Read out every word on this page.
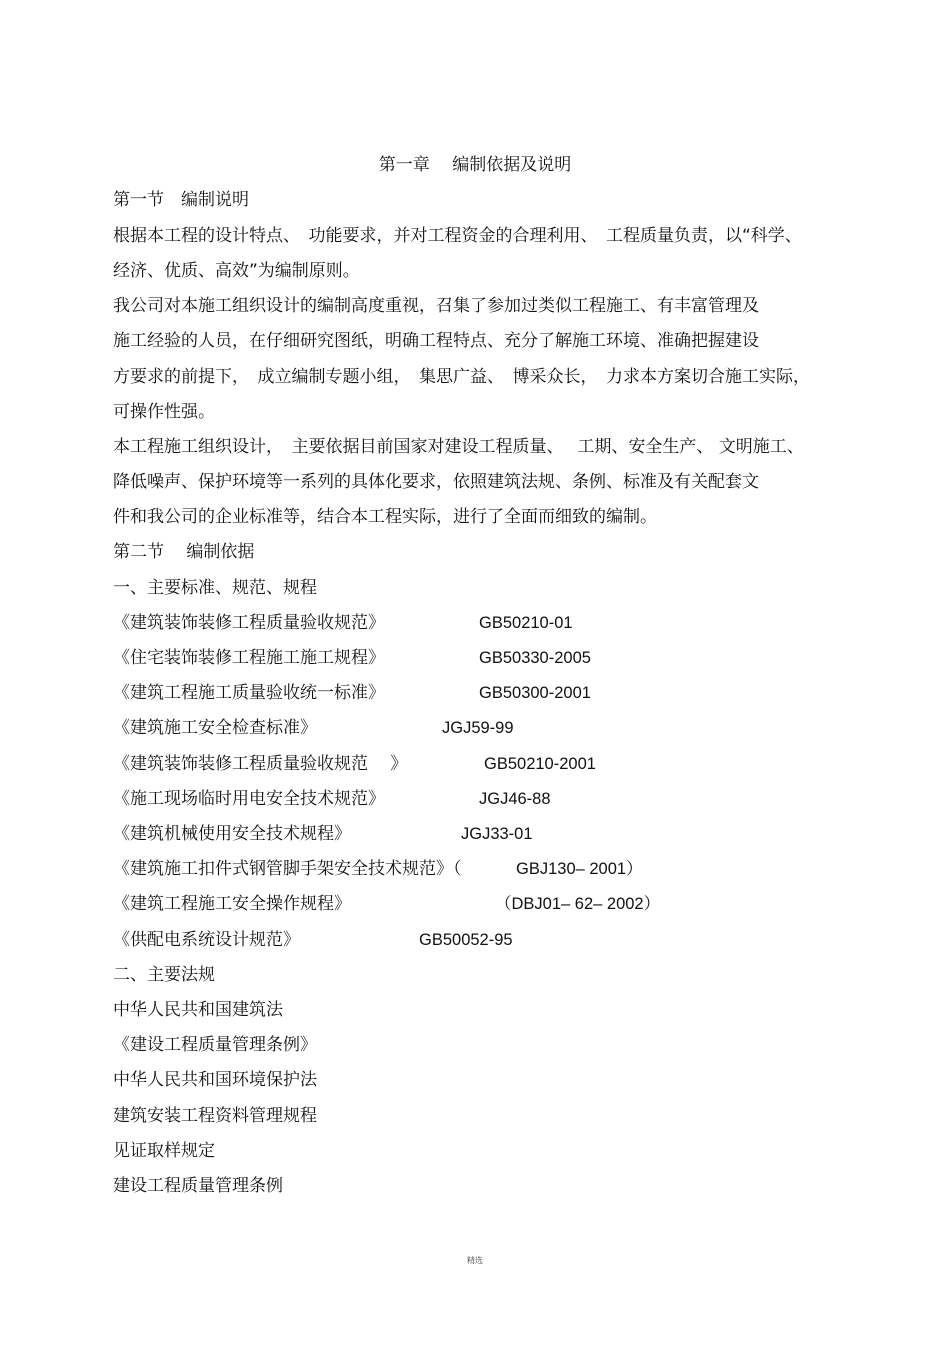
第一章　 编制依据及说明
第一节　编制说明
根据本工程的设计特点、　功能要求，并对工程资金的合理利用、　工程质量负责，以“科学、
经济、优质、高效”为编制原则。
我公司对本施工组织设计的编制高度重视，召集了参加过类似工程施工、有丰富管理及
施工经验的人员，在仔细研究图纸，明确工程特点、充分了解施工环境、准确把握建设
方要求的前提下，　成立编制专题小组，　集思广益、　博采众长，　力求本方案切合施工实际，
可操作性强。
本工程施工组织设计，　主要依据目前国家对建设工程质量、　 工期、安全生产、 文明施工、
降低噪声、保护环境等一系列的具体化要求，依照建筑法规、条例、标准及有关配套文
件和我公司的企业标准等，结合本工程实际，进行了全面而细致的编制。
第二节　 编制依据
一、主要标准、规范、规程
《建筑装饰装修工程质量验收规范》	GB50210-01
《住宅装饰装修工程施工施工规程》	GB50330-2005
《建筑工程施工质量验收统一标准》	GB50300-2001
《建筑施工安全检查标准》	JGJ59-99
《建筑装饰装修工程质量验收规范　 》	GB50210-2001
《施工现场临时用电安全技术规范》	JGJ46-88
《建筑机械使用安全技术规程》	JGJ33-01
《建筑施工扣件式钢管脚手架安全技术规范》（	GBJ130– 2001）
《建筑工程施工安全操作规程》	（DBJ01– 62– 2002）
《供配电系统设计规范》	GB50052-95
二、主要法规
中华人民共和国建筑法
《建设工程质量管理条例》
中华人民共和国环境保护法
建筑安装工程资料管理规程
见证取样规定
建设工程质量管理条例
精选
